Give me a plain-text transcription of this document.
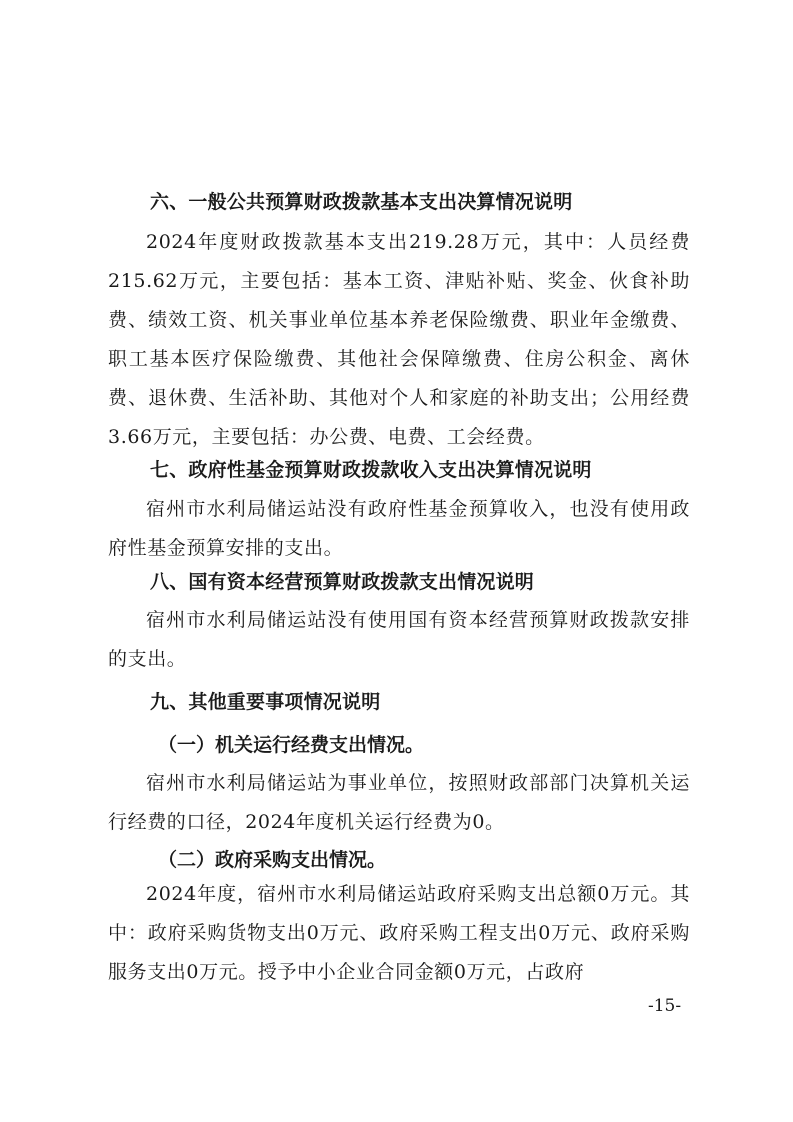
六、一般公共预算财政拨款基本支出决算情况说明

2024年度财政拨款基本支出219.28万元，其中：人员经费215.62万元，主要包括：基本工资、津贴补贴、奖金、伙食补助费、绩效工资、机关事业单位基本养老保险缴费、职业年金缴费、职工基本医疗保险缴费、其他社会保障缴费、住房公积金、离休费、退休费、生活补助、其他对个人和家庭的补助支出；公用经费3.66万元，主要包括：办公费、电费、工会经费。

七、政府性基金预算财政拨款收入支出决算情况说明

宿州市水利局储运站没有政府性基金预算收入，也没有使用政府性基金预算安排的支出。

八、国有资本经营预算财政拨款支出情况说明

宿州市水利局储运站没有使用国有资本经营预算财政拨款安排的支出。

九、其他重要事项情况说明
（一）机关运行经费支出情况。

宿州市水利局储运站为事业单位，按照财政部部门决算机关运行经费的口径，2024年度机关运行经费为0。

（二）政府采购支出情况。

2024年度，宿州市水利局储运站政府采购支出总额0万元。其中：政府采购货物支出0万元、政府采购工程支出0万元、政府采购服务支出0万元。授予中小企业合同金额0万元，占政府

-15-
